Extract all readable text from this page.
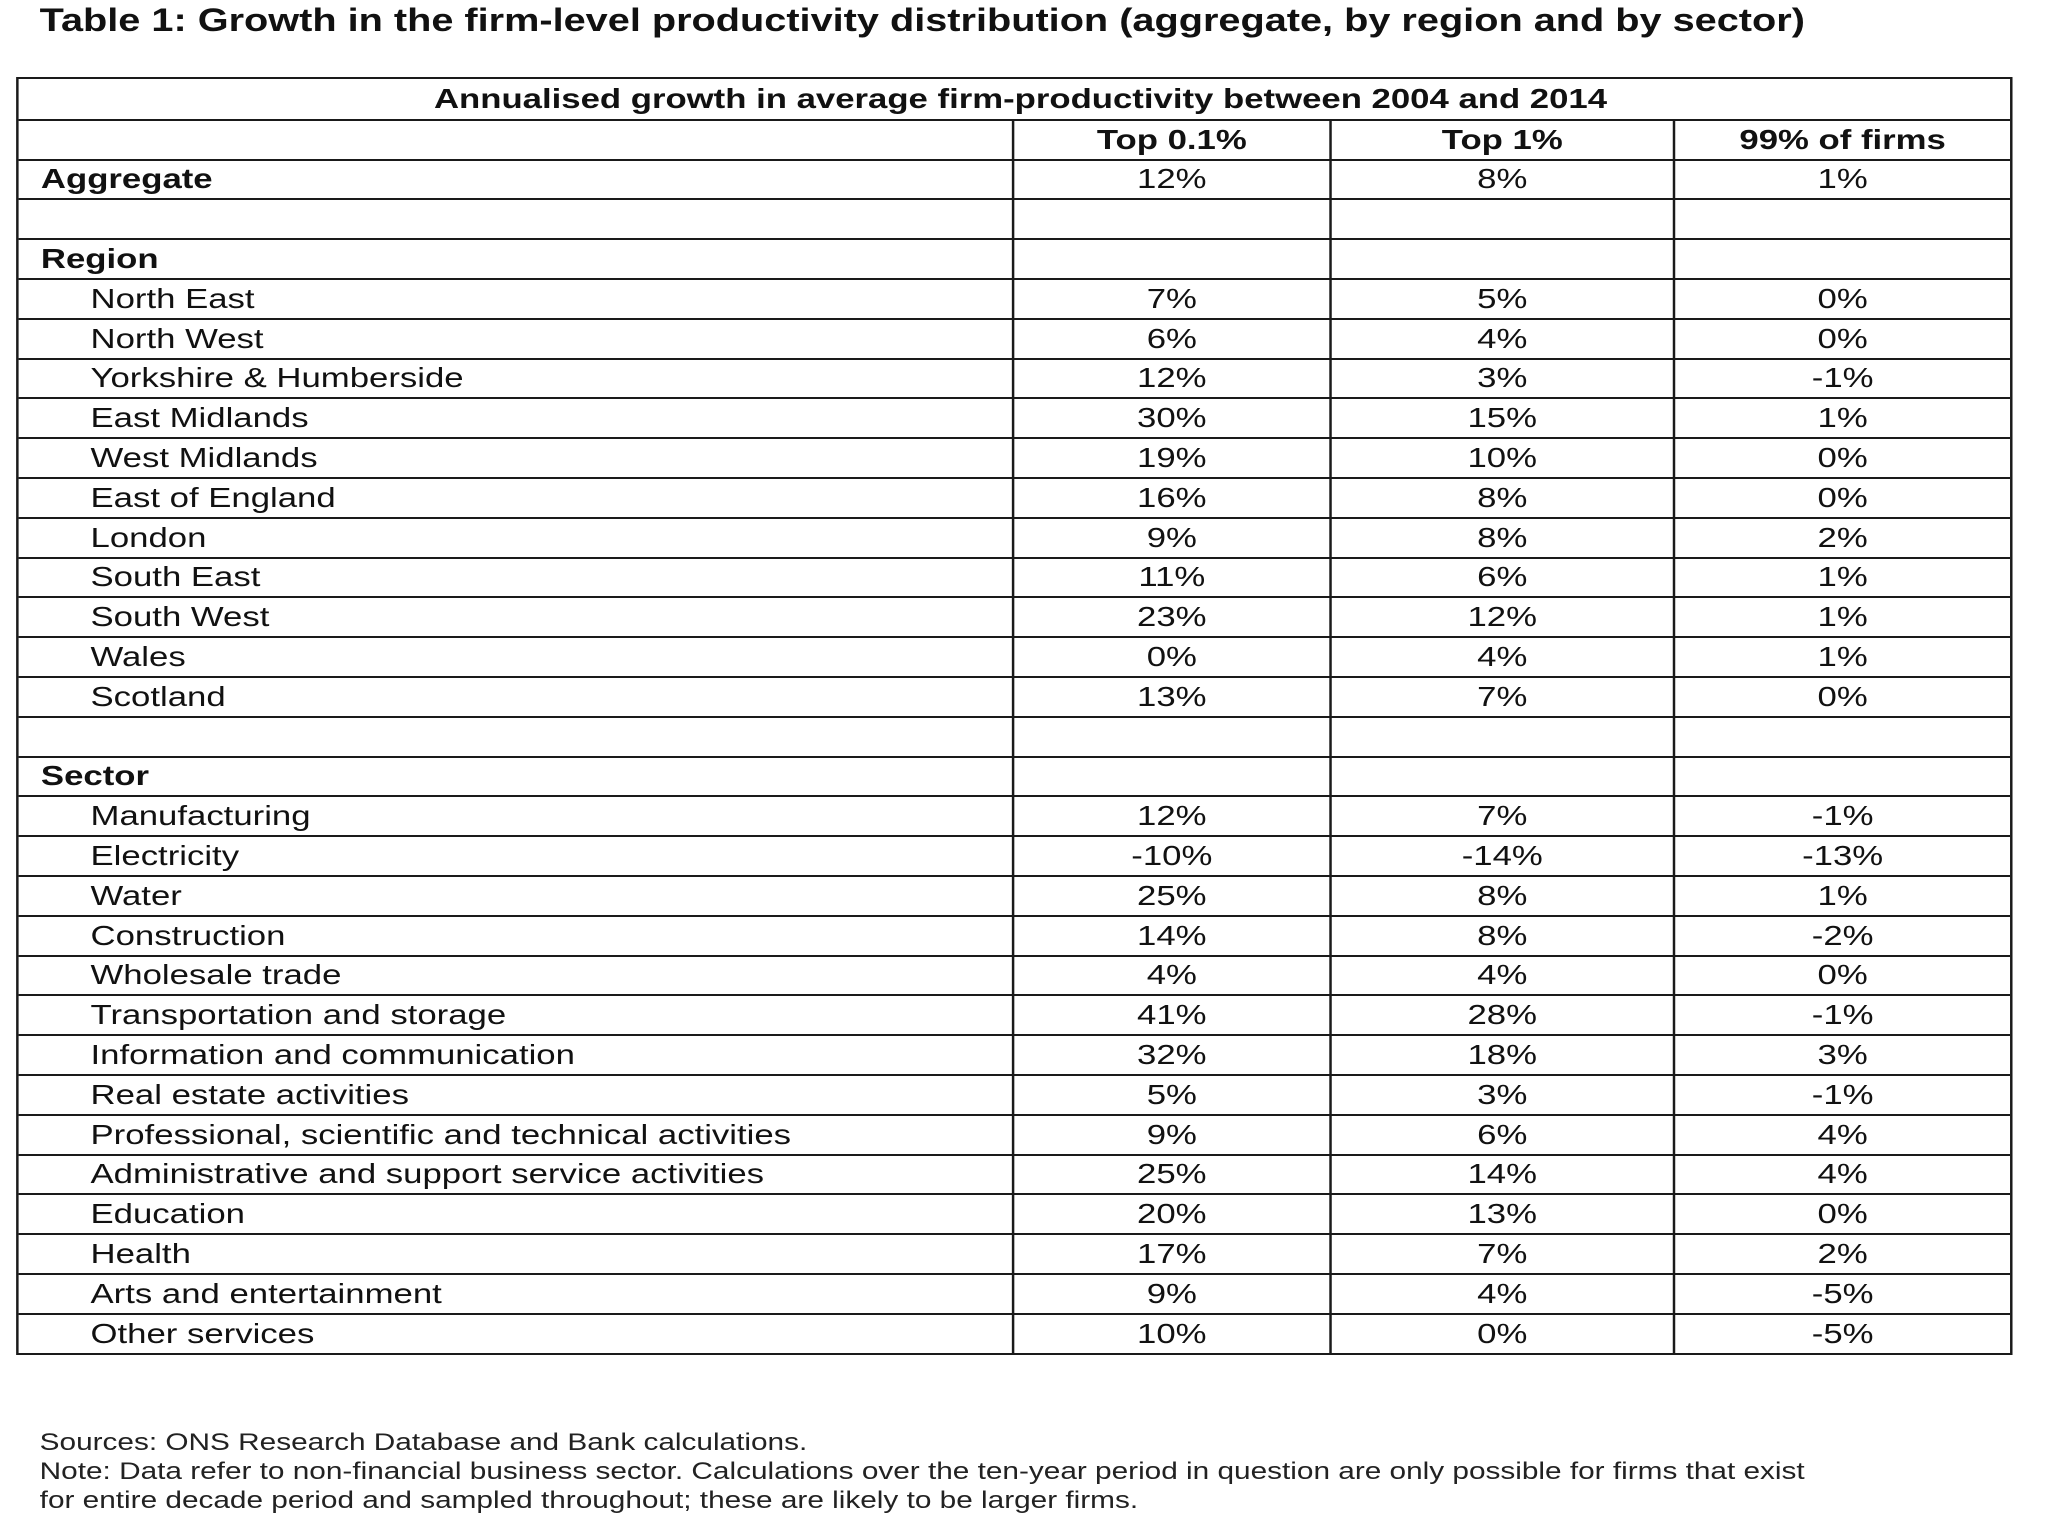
Table 1: Growth in the firm-level productivity distribution (aggregate, by region and by sector)
Annualised growth in average firm-productivity between 2004 and 2014
Top 0.1%	Top 1%	99% of firms
Aggregate	12%	8%	1%
Region
North East	7%	5%	0%
North West	6%	4%	0%
Yorkshire & Humberside	12%	3%	-1%
East Midlands	30%	15%	1%
West Midlands	19%	10%	0%
East of England	16%	8%	0%
London	9%	8%	2%
South East	11%	6%	1%
South West	23%	12%	1%
Wales	0%	4%	1%
Scotland	13%	7%	0%
Sector
Manufacturing	12%	7%	-1%
Electricity	-10%	-14%	-13%
Water	25%	8%	1%
Construction	14%	8%	-2%
Wholesale trade	4%	4%	0%
Transportation and storage	41%	28%	-1%
Information and communication	32%	18%	3%
Real estate activities	5%	3%	-1%
Professional, scientific and technical activities	9%	6%	4%
Administrative and support service activities	25%	14%	4%
Education	20%	13%	0%
Health	17%	7%	2%
Arts and entertainment	9%	4%	-5%
Other services	10%	0%	-5%
Sources: ONS Research Database and Bank calculations.
Note: Data refer to non-financial business sector. Calculations over the ten-year period in question are only possible for firms that exist
for entire decade period and sampled throughout; these are likely to be larger firms.
